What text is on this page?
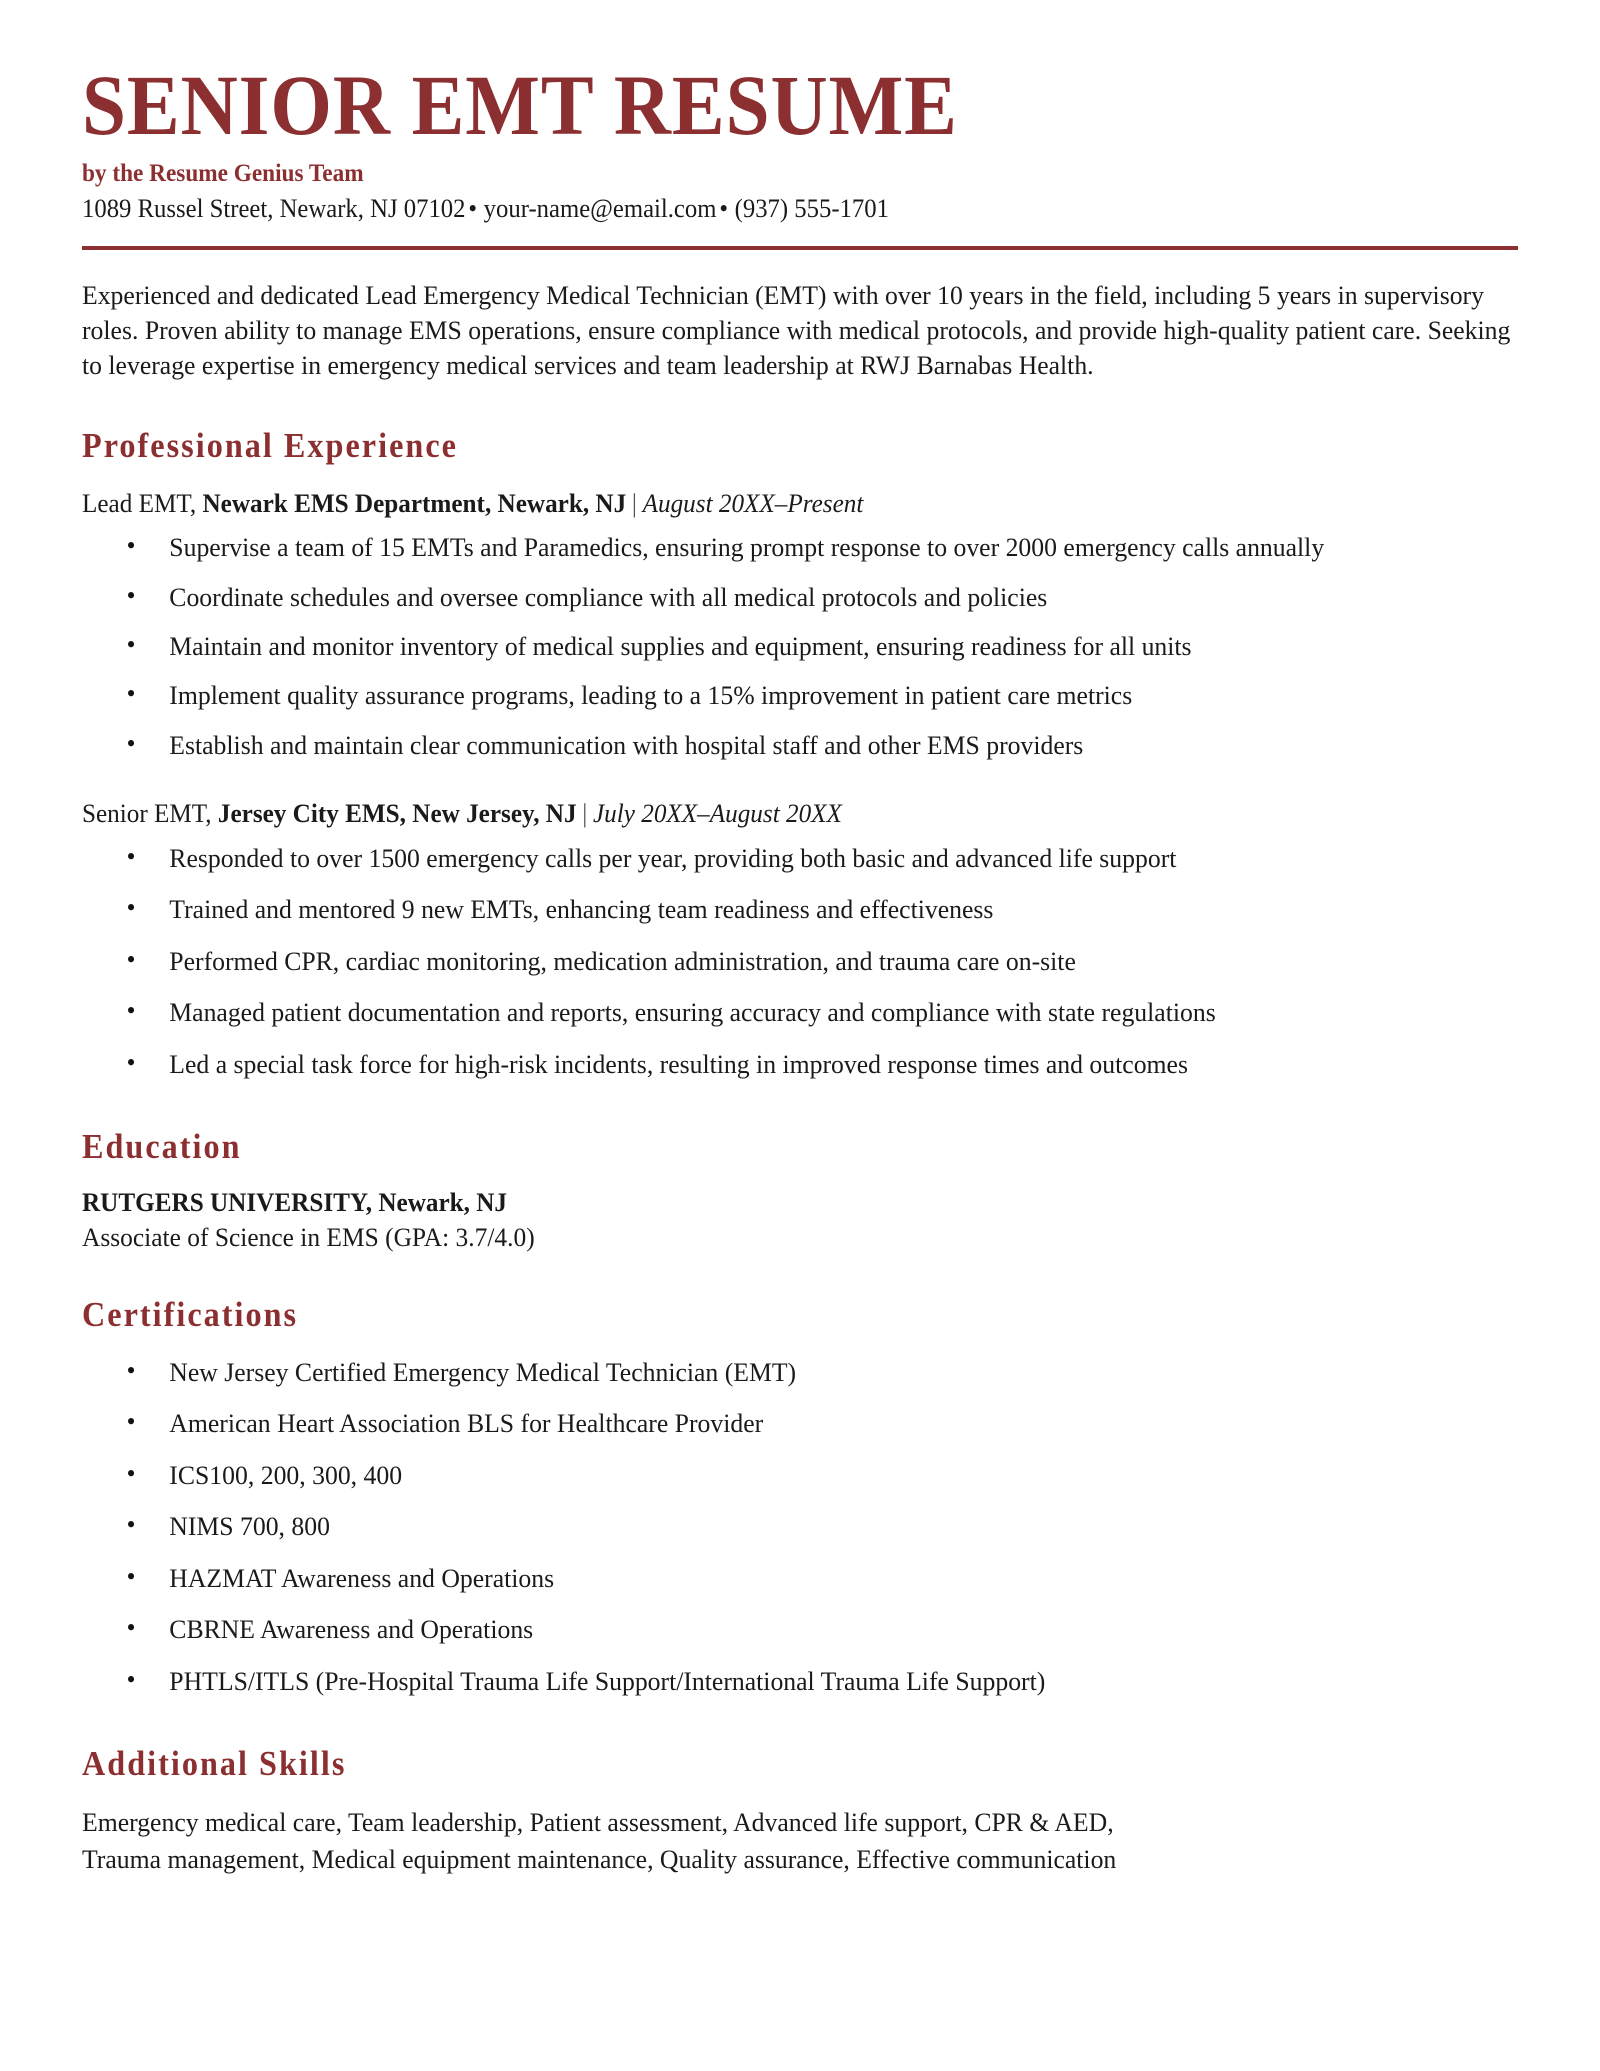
SENIOR EMT RESUME
by the Resume Genius Team
1089 Russel Street, Newark, NJ 07102 • your-name@email.com • (937) 555-1701

Experienced and dedicated Lead Emergency Medical Technician (EMT) with over 10 years in the field, including 5 years in supervisory roles. Proven ability to manage EMS operations, ensure compliance with medical protocols, and provide high-quality patient care. Seeking to leverage expertise in emergency medical services and team leadership at RWJ Barnabas Health.

Professional Experience
Lead EMT, Newark EMS Department, Newark, NJ | August 20XX–Present
• Supervise a team of 15 EMTs and Paramedics, ensuring prompt response to over 2000 emergency calls annually
• Coordinate schedules and oversee compliance with all medical protocols and policies
• Maintain and monitor inventory of medical supplies and equipment, ensuring readiness for all units
• Implement quality assurance programs, leading to a 15% improvement in patient care metrics
• Establish and maintain clear communication with hospital staff and other EMS providers
Senior EMT, Jersey City EMS, New Jersey, NJ | July 20XX–August 20XX
• Responded to over 1500 emergency calls per year, providing both basic and advanced life support
• Trained and mentored 9 new EMTs, enhancing team readiness and effectiveness
• Performed CPR, cardiac monitoring, medication administration, and trauma care on-site
• Managed patient documentation and reports, ensuring accuracy and compliance with state regulations
• Led a special task force for high-risk incidents, resulting in improved response times and outcomes
Education
RUTGERS UNIVERSITY, Newark, NJ
Associate of Science in EMS (GPA: 3.7/4.0)
Certifications
• New Jersey Certified Emergency Medical Technician (EMT)
• American Heart Association BLS for Healthcare Provider
• ICS100, 200, 300, 400
• NIMS 700, 800
• HAZMAT Awareness and Operations
• CBRNE Awareness and Operations
• PHTLS/ITLS (Pre-Hospital Trauma Life Support/International Trauma Life Support)
Additional Skills
Emergency medical care, Team leadership, Patient assessment, Advanced life support, CPR & AED,
Trauma management, Medical equipment maintenance, Quality assurance, Effective communication
